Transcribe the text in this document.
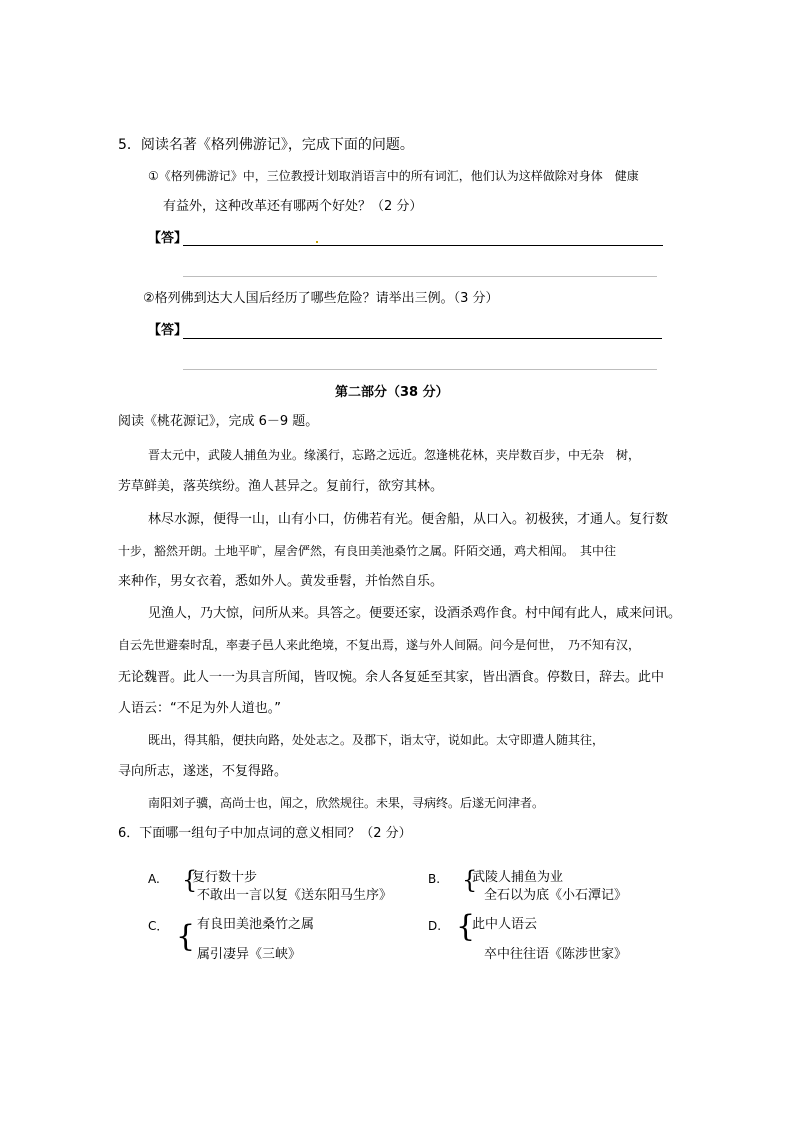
5．阅读名著《格列佛游记》，完成下面的问题。
①《格列佛游记》中，三位教授计划取消语言中的所有词汇，他们认为这样做除对身体　健康
有益外，这种改革还有哪两个好处？（2 分）
【答】
②格列佛到达大人国后经历了哪些危险？请举出三例。（3 分）
【答】
第二部分（38 分）
阅读《桃花源记》，完成 6－9 题。
晋太元中，武陵人捕鱼为业。缘溪行，忘路之远近。忽逢桃花林，夹岸数百步，中无杂　树，
芳草鲜美，落英缤纷。渔人甚异之。复前行，欲穷其林。
林尽水源，便得一山，山有小口，仿佛若有光。便舍船，从口入。初极狭，才通人。复行数
十步，豁然开朗。土地平旷，屋舍俨然，有良田美池桑竹之属。阡陌交通，鸡犬相闻。　其中往
来种作，男女衣着，悉如外人。黄发垂髫，并怡然自乐。
见渔人，乃大惊，问所从来。具答之。便要还家，设酒杀鸡作食。村中闻有此人，咸来问讯。
自云先世避秦时乱，率妻子邑人来此绝境，不复出焉，遂与外人间隔。问今是何世，　乃不知有汉，
无论魏晋。此人一一为具言所闻，皆叹惋。余人各复延至其家，皆出酒食。停数日，辞去。此中
人语云：“不足为外人道也。”
既出，得其船，便扶向路，处处志之。及郡下，诣太守，说如此。太守即遣人随其往，
寻向所志，遂迷，不复得路。
南阳刘子骥，高尚士也，闻之，欣然规往。未果，寻病终。后遂无问津者。
6．下面哪一组句子中加点词的意义相同？（2 分）
A. {
复行数十步
不敢出一言以复《送东阳马生序》
B. {
武陵人捕鱼为业
全石以为底《小石潭记》
C． { 有良田美池桑竹之属
属引凄异《三峡》
D. {
此中人语云
卒中往往语《陈涉世家》
